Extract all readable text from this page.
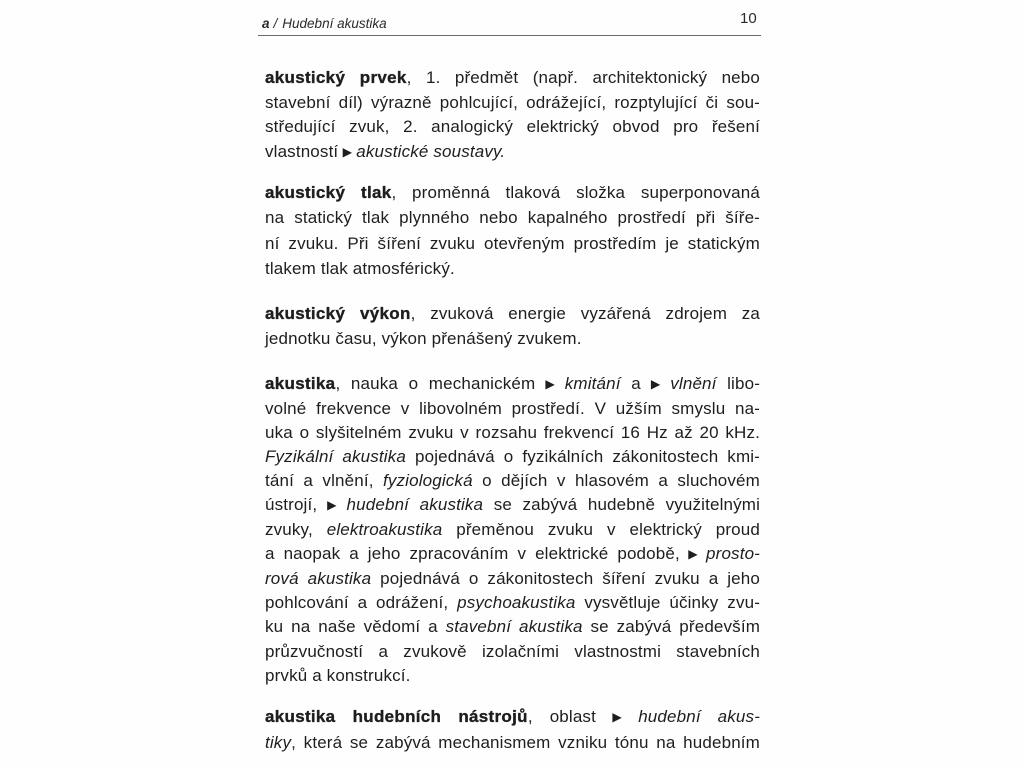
a / Hudební akustika	10
akustický prvek, 1. předmět (např. architektonický nebo
stavební díl) výrazně pohlcující, odrážející, rozptylující či sou-
středující zvuk, 2. analogický elektrický obvod pro řešení
vlastností ▶ akustické soustavy.
akustický tlak, proměnná tlaková složka superponovaná
na statický tlak plynného nebo kapalného prostředí při šíře-
ní zvuku. Při šíření zvuku otevřeným prostředím je statickým
tlakem tlak atmosférický.
akustický výkon, zvuková energie vyzářená zdrojem za
jednotku času, výkon přenášený zvukem.
akustika, nauka o mechanickém ▶ kmitání a ▶ vlnění libo-
volné frekvence v libovolném prostředí. V užším smyslu na-
uka o slyšitelném zvuku v rozsahu frekvencí 16 Hz až 20 kHz.
Fyzikální akustika pojednává o fyzikálních zákonitostech kmi-
tání a vlnění, fyziologická o dějích v hlasovém a sluchovém
ústrojí, ▶ hudební akustika se zabývá hudebně využitelnými
zvuky, elektroakustika přeměnou zvuku v elektrický proud
a naopak a jeho zpracováním v elektrické podobě, ▶ prosto-
rová akustika pojednává o zákonitostech šíření zvuku a jeho
pohlcování a odrážení, psychoakustika vysvětluje účinky zvu-
ku na naše vědomí a stavební akustika se zabývá především
průzvučností a zvukově izolačními vlastnostmi stavebních
prvků a konstrukcí.
akustika hudebních nástrojů, oblast ▶ hudební akus-
tiky, která se zabývá mechanismem vzniku tónu na hudebním
